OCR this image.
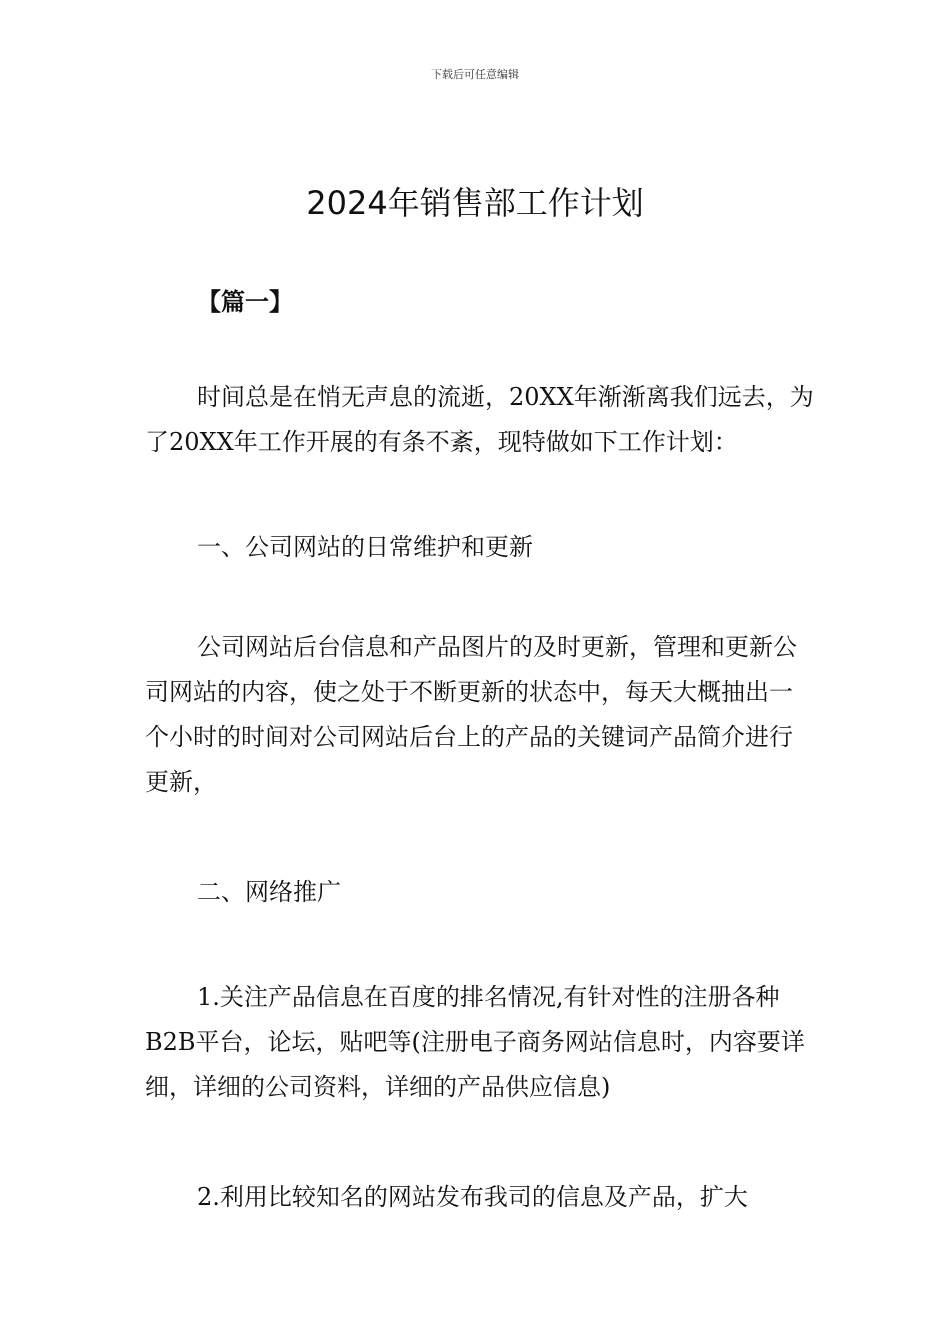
下载后可任意编辑
2024年销售部工作计划

【篇一】

时间总是在悄无声息的流逝，20XX年渐渐离我们远去，为了20XX年工作开展的有条不紊，现特做如下工作计划：

一、公司网站的日常维护和更新

公司网站后台信息和产品图片的及时更新，管理和更新公司网站的内容，使之处于不断更新的状态中，每天大概抽出一个小时的时间对公司网站后台上的产品的关键词产品简介进行更新，

二、网络推广

1.关注产品信息在百度的排名情况,有针对性的注册各种B2B平台，论坛，贴吧等(注册电子商务网站信息时，内容要详细，详细的公司资料，详细的产品供应信息)

2.利用比较知名的网站发布我司的信息及产品，扩大
